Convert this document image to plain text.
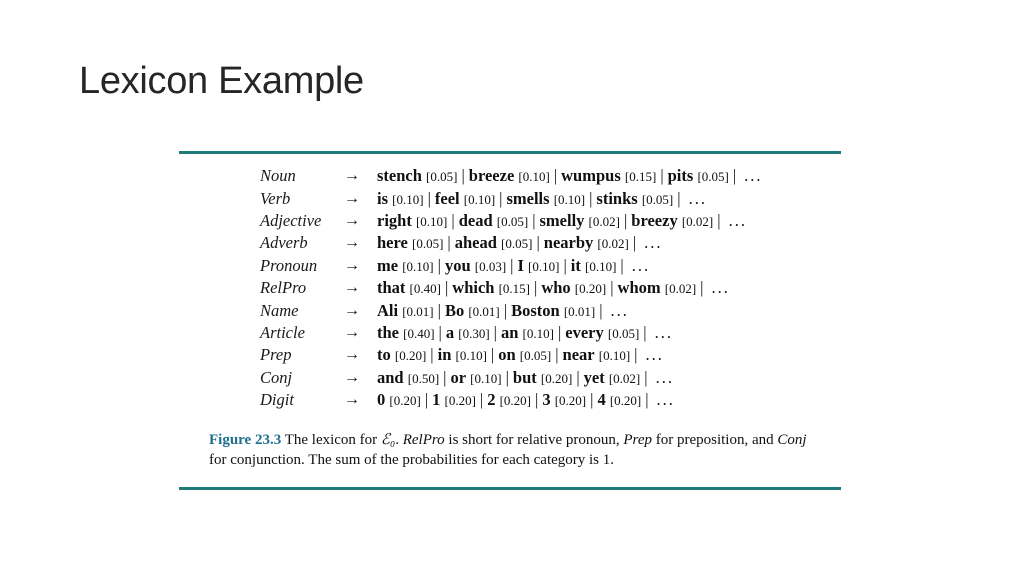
Lexicon Example
Noun	→	stench [0.05] | breeze [0.10] | wumpus [0.15] | pits [0.05] | ...
Verb	→	is [0.10] | feel [0.10] | smells [0.10] | stinks [0.05] | ...
Adjective	→	right [0.10] | dead [0.05] | smelly [0.02] | breezy [0.02] | ...
Adverb	→	here [0.05] | ahead [0.05] | nearby [0.02] | ...
Pronoun	→	me [0.10] | you [0.03] | I [0.10] | it [0.10] | ...
RelPro	→	that [0.40] | which [0.15] | who [0.20] | whom [0.02] | ...
Name	→	Ali [0.01] | Bo [0.01] | Boston [0.01] | ...
Article	→	the [0.40] | a [0.30] | an [0.10] | every [0.05] | ...
Prep	→	to [0.20] | in [0.10] | on [0.05] | near [0.10] | ...
Conj	→	and [0.50] | or [0.10] | but [0.20] | yet [0.02] | ...
Digit	→	0 [0.20] | 1 [0.20] | 2 [0.20] | 3 [0.20] | 4 [0.20] | ...
Figure 23.3 The lexicon for ℰ₀. RelPro is short for relative pronoun, Prep for preposition, and Conj for conjunction. The sum of the probabilities for each category is 1.
